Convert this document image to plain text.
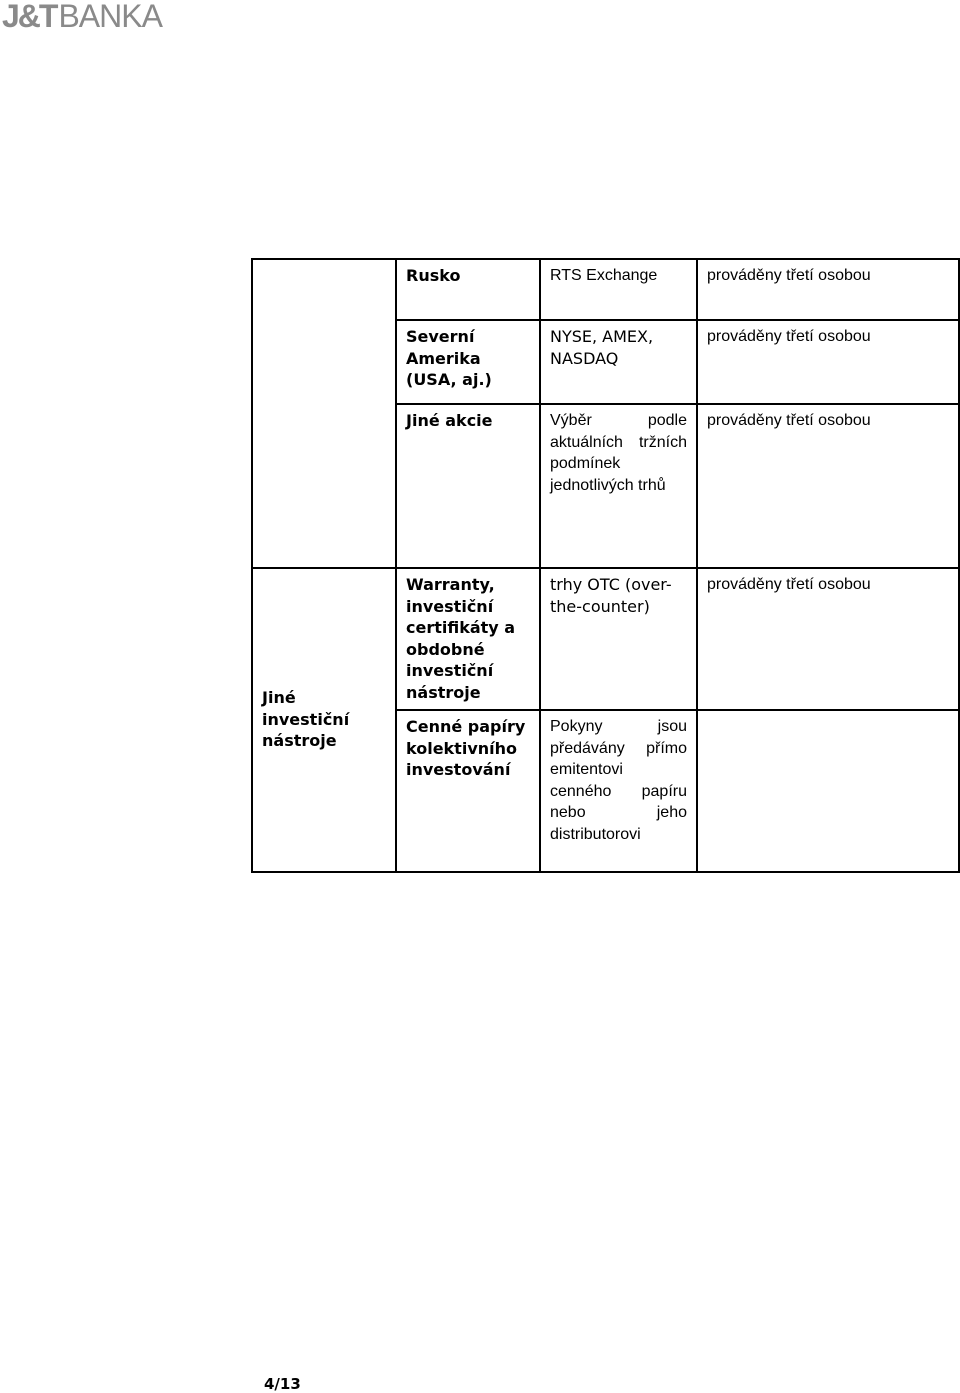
J&TBANKA
	Rusko	RTS Exchange	prováděny třetí osobou
	Severní Amerika (USA, aj.)	NYSE, AMEX, NASDAQ	prováděny třetí osobou
	Jiné akcie	Výběr podle aktuálních tržních podmínek jednotlivých trhů	prováděny třetí osobou
Jiné investiční nástroje	Warranty, investiční certifikáty a obdobné investiční nástroje	trhy OTC (over-the-counter)	prováděny třetí osobou
	Cenné papíry kolektivního investování	Pokyny jsou předávány přímo emitentovi cenného papíru nebo jeho distributorovi	
4/13
